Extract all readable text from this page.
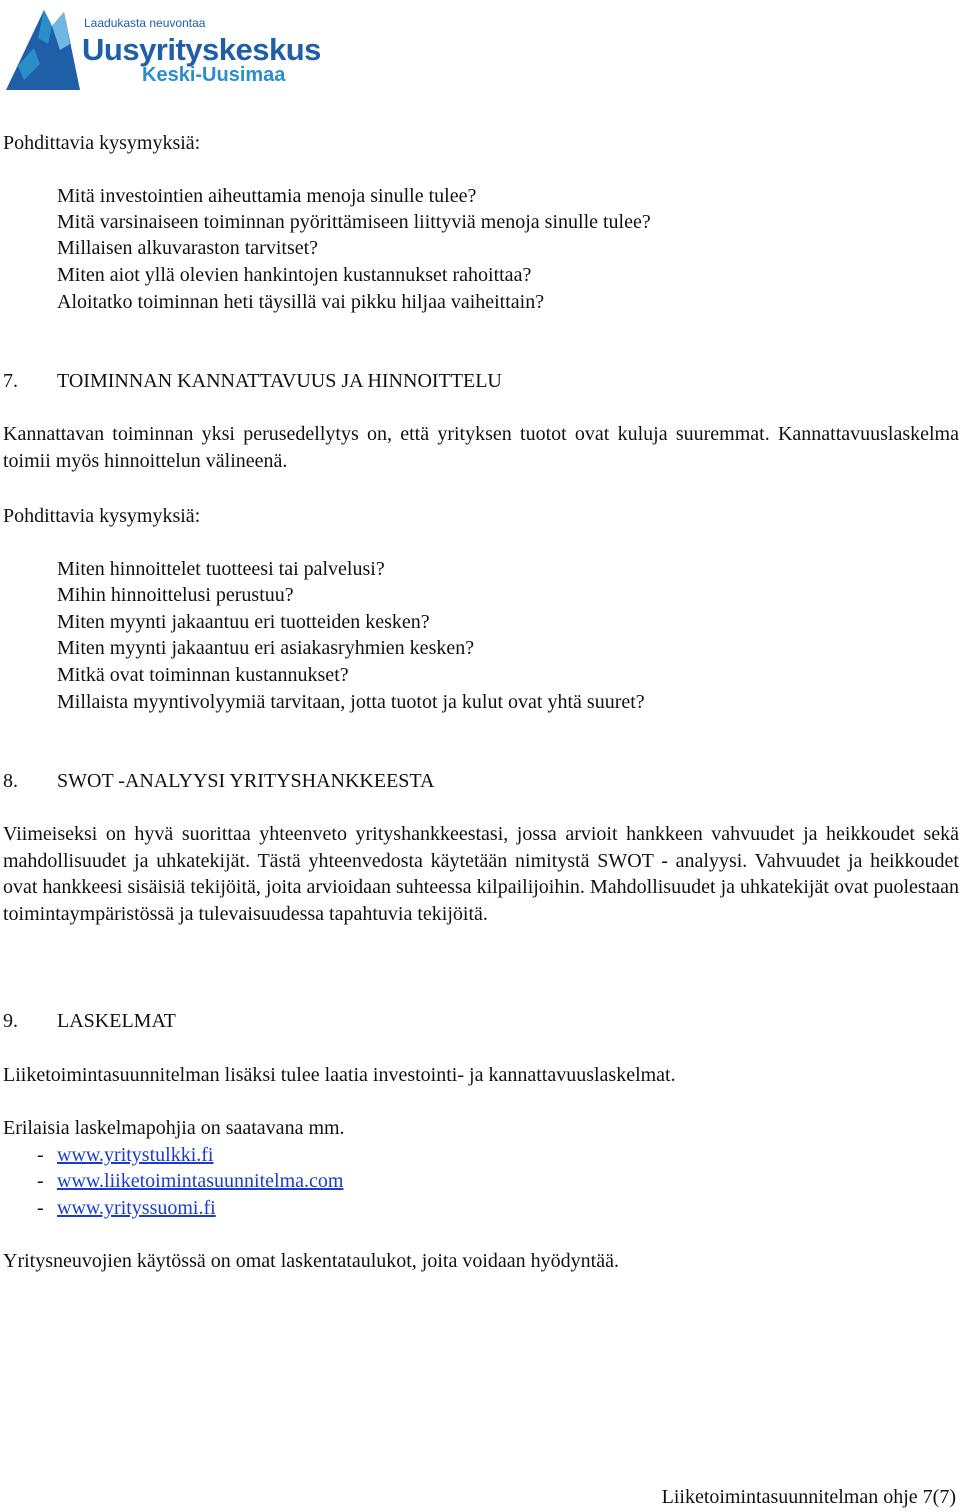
Laadukasta neuvontaa
Uusyrityskeskus
Keski-Uusimaa
Pohdittavia kysymyksiä:
Mitä investointien aiheuttamia menoja sinulle tulee?
Mitä varsinaiseen toiminnan pyörittämiseen liittyviä menoja sinulle tulee?
Millaisen alkuvaraston tarvitset?
Miten aiot yllä olevien hankintojen kustannukset rahoittaa?
Aloitatko toiminnan heti täysillä vai pikku hiljaa vaiheittain?
7. TOIMINNAN KANNATTAVUUS JA HINNOITTELU
Kannattavan toiminnan yksi perusedellytys on, että yrityksen tuotot ovat kuluja suuremmat. Kannattavuuslaskelma toimii myös hinnoittelun välineenä.
Pohdittavia kysymyksiä:
Miten hinnoittelet tuotteesi tai palvelusi?
Mihin hinnoittelusi perustuu?
Miten myynti jakaantuu eri tuotteiden kesken?
Miten myynti jakaantuu eri asiakasryhmien kesken?
Mitkä ovat toiminnan kustannukset?
Millaista myyntivolyymiä tarvitaan, jotta tuotot ja kulut ovat yhtä suuret?
8. SWOT -ANALYYSI YRITYSHANKKEESTA
Viimeiseksi on hyvä suorittaa yhteenveto yrityshankkeestasi, jossa arvioit hankkeen vahvuudet ja heikkoudet sekä mahdollisuudet ja uhkatekijät. Tästä yhteenvedosta käytetään nimitystä SWOT - analyysi. Vahvuudet ja heikkoudet ovat hankkeesi sisäisiä tekijöitä, joita arvioidaan suhteessa kilpailijoihin. Mahdollisuudet ja uhkatekijät ovat puolestaan toimintaympäristössä ja tulevaisuudessa tapahtuvia tekijöitä.
9. LASKELMAT
Liiketoimintasuunnitelman lisäksi tulee laatia investointi- ja kannattavuuslaskelmat.
Erilaisia laskelmapohjia on saatavana mm.
- www.yritystulkki.fi
- www.liiketoimintasuunnitelma.com
- www.yrityssuomi.fi
Yritysneuvojien käytössä on omat laskentataulukot, joita voidaan hyödyntää.
Liiketoimintasuunnitelman ohje 7(7)
